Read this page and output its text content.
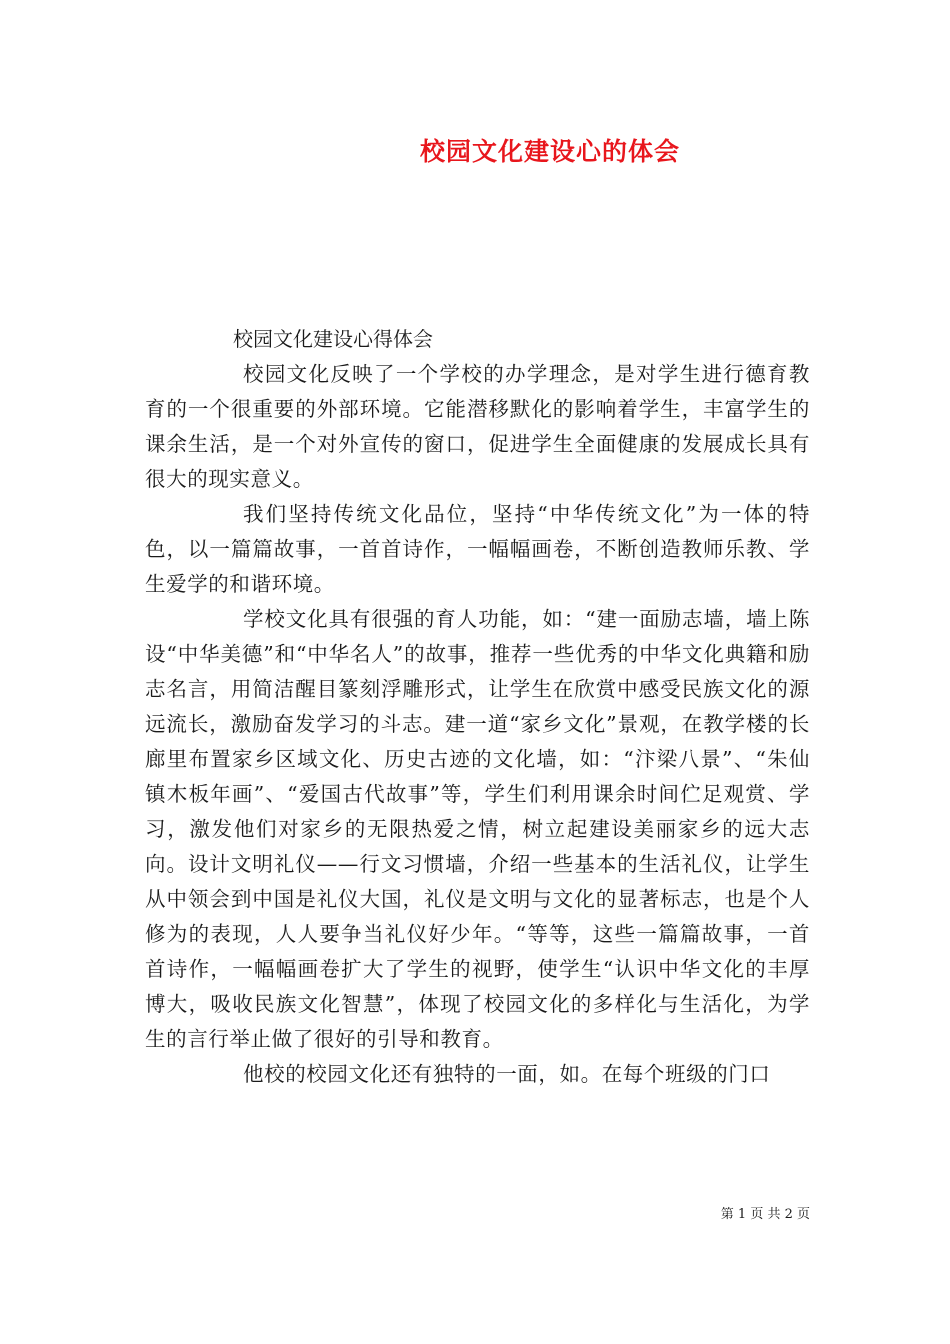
校园文化建设心的体会

校园文化建设心得体会

校园文化反映了一个学校的办学理念，是对学生进行德育教育的一个很重要的外部环境。它能潜移默化的影响着学生，丰富学生的课余生活，是一个对外宣传的窗口，促进学生全面健康的发展成长具有很大的现实意义。

我们坚持传统文化品位，坚持“中华传统文化”为一体的特色，以一篇篇故事，一首首诗作，一幅幅画卷，不断创造教师乐教、学生爱学的和谐环境。

学校文化具有很强的育人功能，如：“建一面励志墙，墙上陈设“中华美德”和“中华名人”的故事，推荐一些优秀的中华文化典籍和励志名言，用简洁醒目篆刻浮雕形式，让学生在欣赏中感受民族文化的源远流长，激励奋发学习的斗志。建一道“家乡文化”景观，在教学楼的长廊里布置家乡区域文化、历史古迹的文化墙，如：“汴梁八景”、“朱仙镇木板年画”、“爱国古代故事”等，学生们利用课余时间伫足观赏、学习，激发他们对家乡的无限热爱之情，树立起建设美丽家乡的远大志向。设计文明礼仪——行文习惯墙，介绍一些基本的生活礼仪，让学生从中领会到中国是礼仪大国，礼仪是文明与文化的显著标志，也是个人修为的表现，人人要争当礼仪好少年。“等等，这些一篇篇故事，一首首诗作，一幅幅画卷扩大了学生的视野，使学生“认识中华文化的丰厚博大，吸收民族文化智慧”，体现了校园文化的多样化与生活化，为学生的言行举止做了很好的引导和教育。

他校的校园文化还有独特的一面，如。在每个班级的门口

第 1 页 共 2 页
